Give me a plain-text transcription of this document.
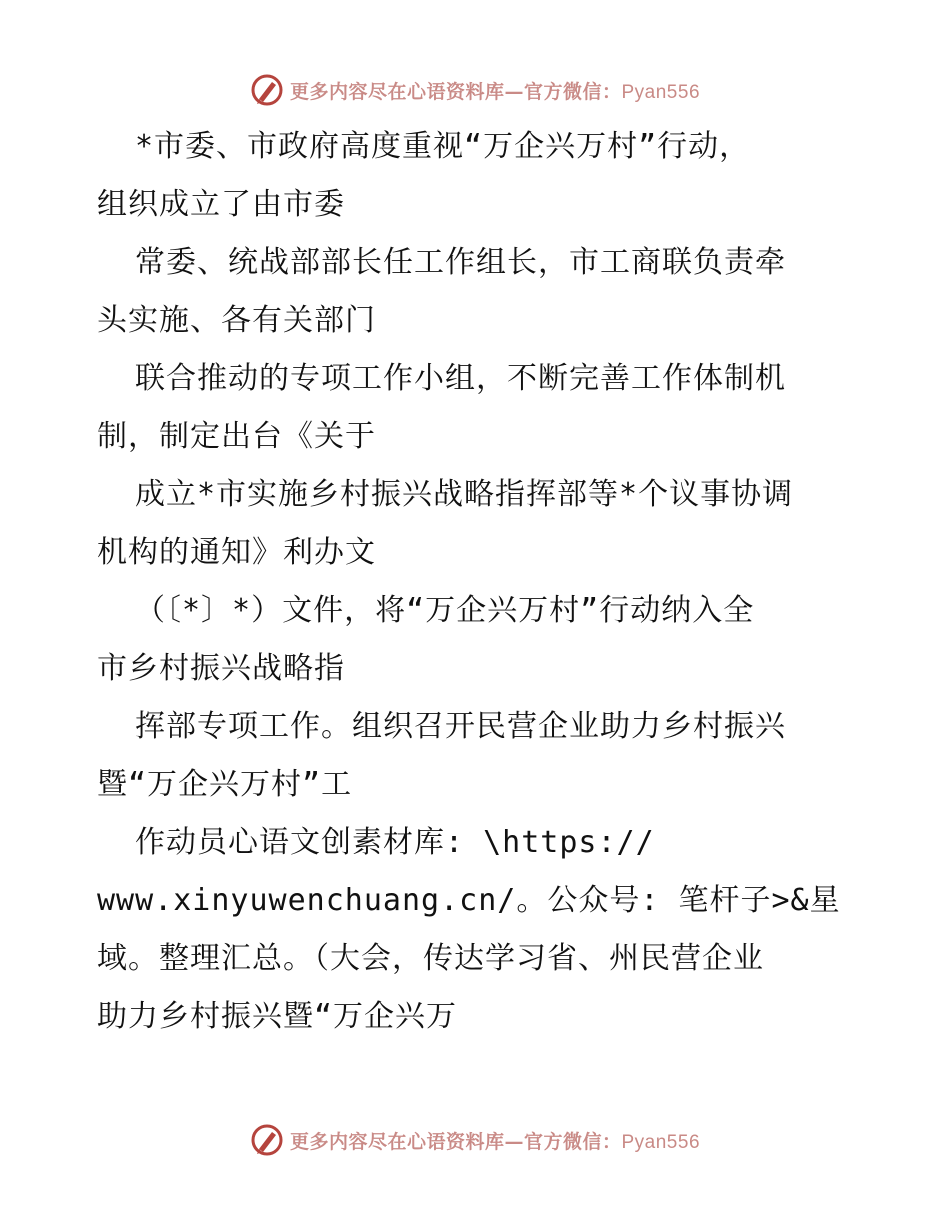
更多内容尽在心语资料库—官方微信：Pyan556
*市委、市政府高度重视“万企兴万村”行动，
组织成立了由市委
常委、统战部部长任工作组长，市工商联负责牵
头实施、各有关部门
联合推动的专项工作小组，不断完善工作体制机
制，制定出台《关于
成立*市实施乡村振兴战略指挥部等*个议事协调
机构的通知》利办文
（〔*〕*）文件，将“万企兴万村”行动纳入全
市乡村振兴战略指
挥部专项工作。组织召开民营企业助力乡村振兴
暨“万企兴万村”工
作动员心语文创素材库: \https://
www.xinyuwenchuang.cn/。公众号: 笔杆子>&星
域。整理汇总。（大会，传达学习省、州民营企业
助力乡村振兴暨“万企兴万
更多内容尽在心语资料库—官方微信：Pyan556
